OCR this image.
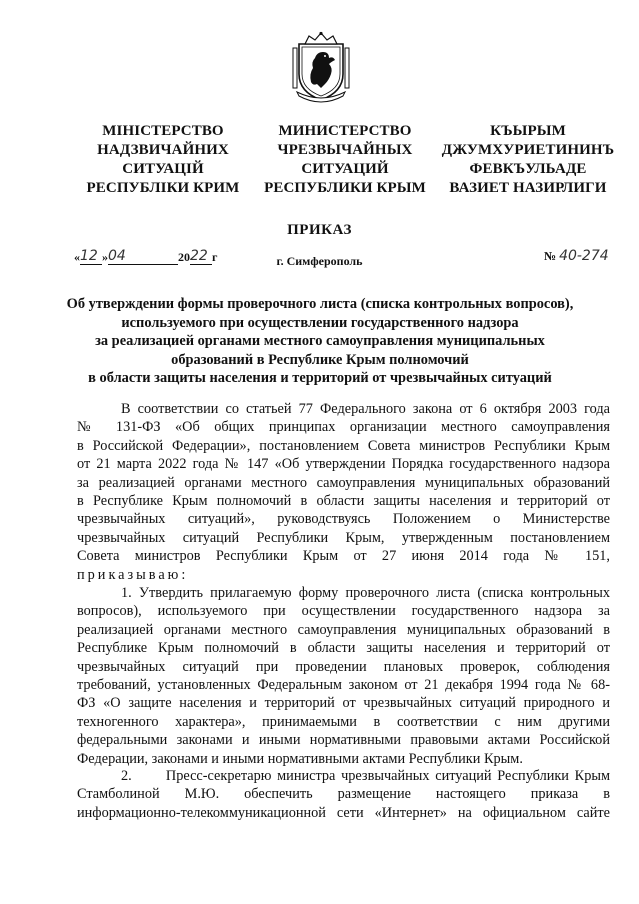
МІНІСТЕРСТВО
НАДЗВИЧАЙНИХ
СИТУАЦІЙ
РЕСПУБЛІКИ КРИМ
МИНИСТЕРСТВО
ЧРЕЗВЫЧАЙНЫХ
СИТУАЦИЙ
РЕСПУБЛИКИ КРЫМ
КЪЫРЫМ
ДЖУМХУРИЕТИНИНЪ
ФЕВКЪУЛЬАДЕ
ВАЗИЕТ НАЗИРЛИГИ
ПРИКАЗ
«12 »04	2022 г	г. Симферополь	№ 40-274
Об утверждении формы проверочного листа (списка контрольных вопросов),
используемого при осуществлении государственного надзора
за реализацией органами местного самоуправления муниципальных
образований в Республике Крым полномочий
в области защиты населения и территорий от чрезвычайных ситуаций
В соответствии со статьей 77 Федерального закона от 6 октября 2003 года
№ 131-ФЗ «Об общих принципах организации местного самоуправления
в Российской Федерации», постановлением Совета министров Республики Крым
от 21 марта 2022 года № 147 «Об утверждении Порядка государственного надзора
за реализацией органами местного самоуправления муниципальных образований
в Республике Крым полномочий в области защиты населения и территорий от
чрезвычайных ситуаций», руководствуясь Положением о Министерстве
чрезвычайных ситуаций Республики Крым, утвержденным постановлением
Совета министров Республики Крым от 27 июня 2014 года № 151,
приказываю:
1. Утвердить прилагаемую форму проверочного листа (списка контрольных
вопросов), используемого при осуществлении государственного надзора за
реализацией органами местного самоуправления муниципальных образований в
Республике Крым полномочий в области защиты населения и территорий от
чрезвычайных ситуаций при проведении плановых проверок, соблюдения
требований, установленных Федеральным законом от 21 декабря 1994 года № 68-
ФЗ «О защите населения и территорий от чрезвычайных ситуаций природного и
техногенного характера», принимаемыми в соответствии с ним другими
федеральными законами и иными нормативными правовыми актами Российской
Федерации, законами и иными нормативными актами Республики Крым.
2.      Пресс-секретарю министра чрезвычайных ситуаций Республики Крым
Стамболиной М.Ю. обеспечить размещение настоящего приказа в
информационно-телекоммуникационной сети «Интернет» на официальном сайте
